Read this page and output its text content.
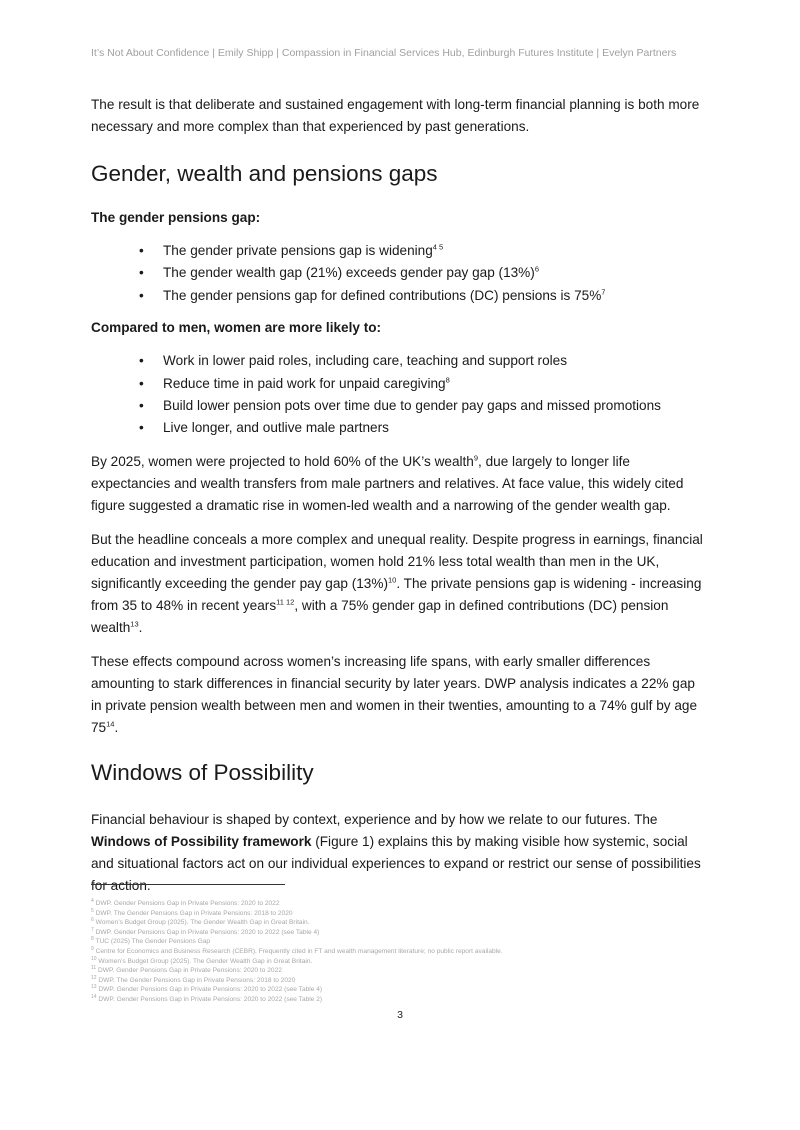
It’s Not About Confidence | Emily Shipp | Compassion in Financial Services Hub, Edinburgh Futures Institute | Evelyn Partners

The result is that deliberate and sustained engagement with long-term financial planning is both more necessary and more complex than that experienced by past generations.

Gender, wealth and pensions gaps
The gender pensions gap:
• The gender private pensions gap is widening$^{4 5}$
• The gender wealth gap (21%) exceeds gender pay gap $(13\%)^6$
• The gender pensions gap for defined contributions (DC) pensions is 75%$^7$
Compared to men, women are more likely to:
• Work in lower paid roles, including care, teaching and support roles
• Reduce time in paid work for unpaid caregiving$^8$
• Build lower pension pots over time due to gender pay gaps and missed promotions
• Live longer, and outlive male partners

By 2025, women were projected to hold 60% of the UK’s wealth$^9$, due largely to longer life expectancies and wealth transfers from male partners and relatives. At face value, this widely cited figure suggested a dramatic rise in women-led wealth and a narrowing of the gender wealth gap.

But the headline conceals a more complex and unequal reality. Despite progress in earnings, financial education and investment participation, women hold 21% less total wealth than men in the UK, significantly exceeding the gender pay gap $(13\%)^{10}$. The private pensions gap is widening - increasing from 35 to 48% in recent years$^{11 12}$, with a 75% gender gap in defined contributions (DC) pension wealth$^{13}$.

These effects compound across women’s increasing life spans, with early smaller differences amounting to stark differences in financial security by later years. DWP analysis indicates a 22% gap in private pension wealth between men and women in their twenties, amounting to a 74% gulf by age $75^{14}$.

Windows of Possibility

Financial behaviour is shaped by context, experience and by how we relate to our futures. The Windows of Possibility framework (Figure 1) explains this by making visible how systemic, social and situational factors act on our individual experiences to expand or restrict our sense of possibilities for action.

$^4$ DWP. Gender Pensions Gap in Private Pensions: 2020 to 2022
$^5$ DWP. The Gender Pensions Gap in Private Pensions: 2018 to 2020
$^6$ Women’s Budget Group (2025). The Gender Wealth Gap in Great Britain.
$^7$ DWP. Gender Pensions Gap in Private Pensions: 2020 to 2022 (see Table 4)
$^8$ TUC (2025) The Gender Pensions Gap
$^9$ Centre for Economics and Business Research (CEBR). Frequently cited in FT and wealth management literature; no public report available.
$^{10}$ Women’s Budget Group (2025). The Gender Wealth Gap in Great Britain.
$^{11}$ DWP. Gender Pensions Gap in Private Pensions: 2020 to 2022
$^{12}$ DWP. The Gender Pensions Gap in Private Pensions: 2018 to 2020
$^{13}$ DWP. Gender Pensions Gap in Private Pensions: 2020 to 2022 (see Table 4)
$^{14}$ DWP. Gender Pensions Gap in Private Pensions: 2020 to 2022 (see Table 2)
3
